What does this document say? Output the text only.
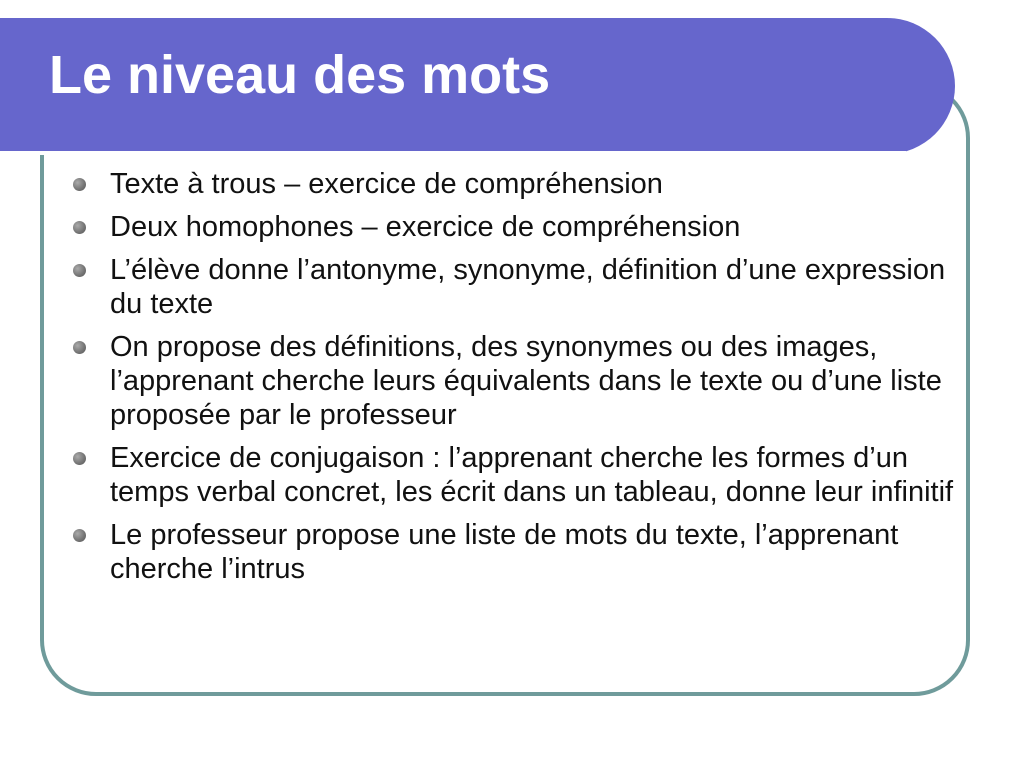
Le niveau des mots
Texte à trous – exercice de compréhension
Deux homophones – exercice de compréhension
L’élève donne l’antonyme, synonyme, définition d’une expression du texte
On propose des définitions, des synonymes ou des images, l’apprenant cherche leurs équivalents dans le texte ou d’une liste proposée par le professeur
Exercice de conjugaison : l’apprenant cherche les formes d’un temps verbal concret, les écrit dans un tableau, donne leur infinitif
Le professeur propose une liste de mots du texte, l’apprenant cherche l’intrus
